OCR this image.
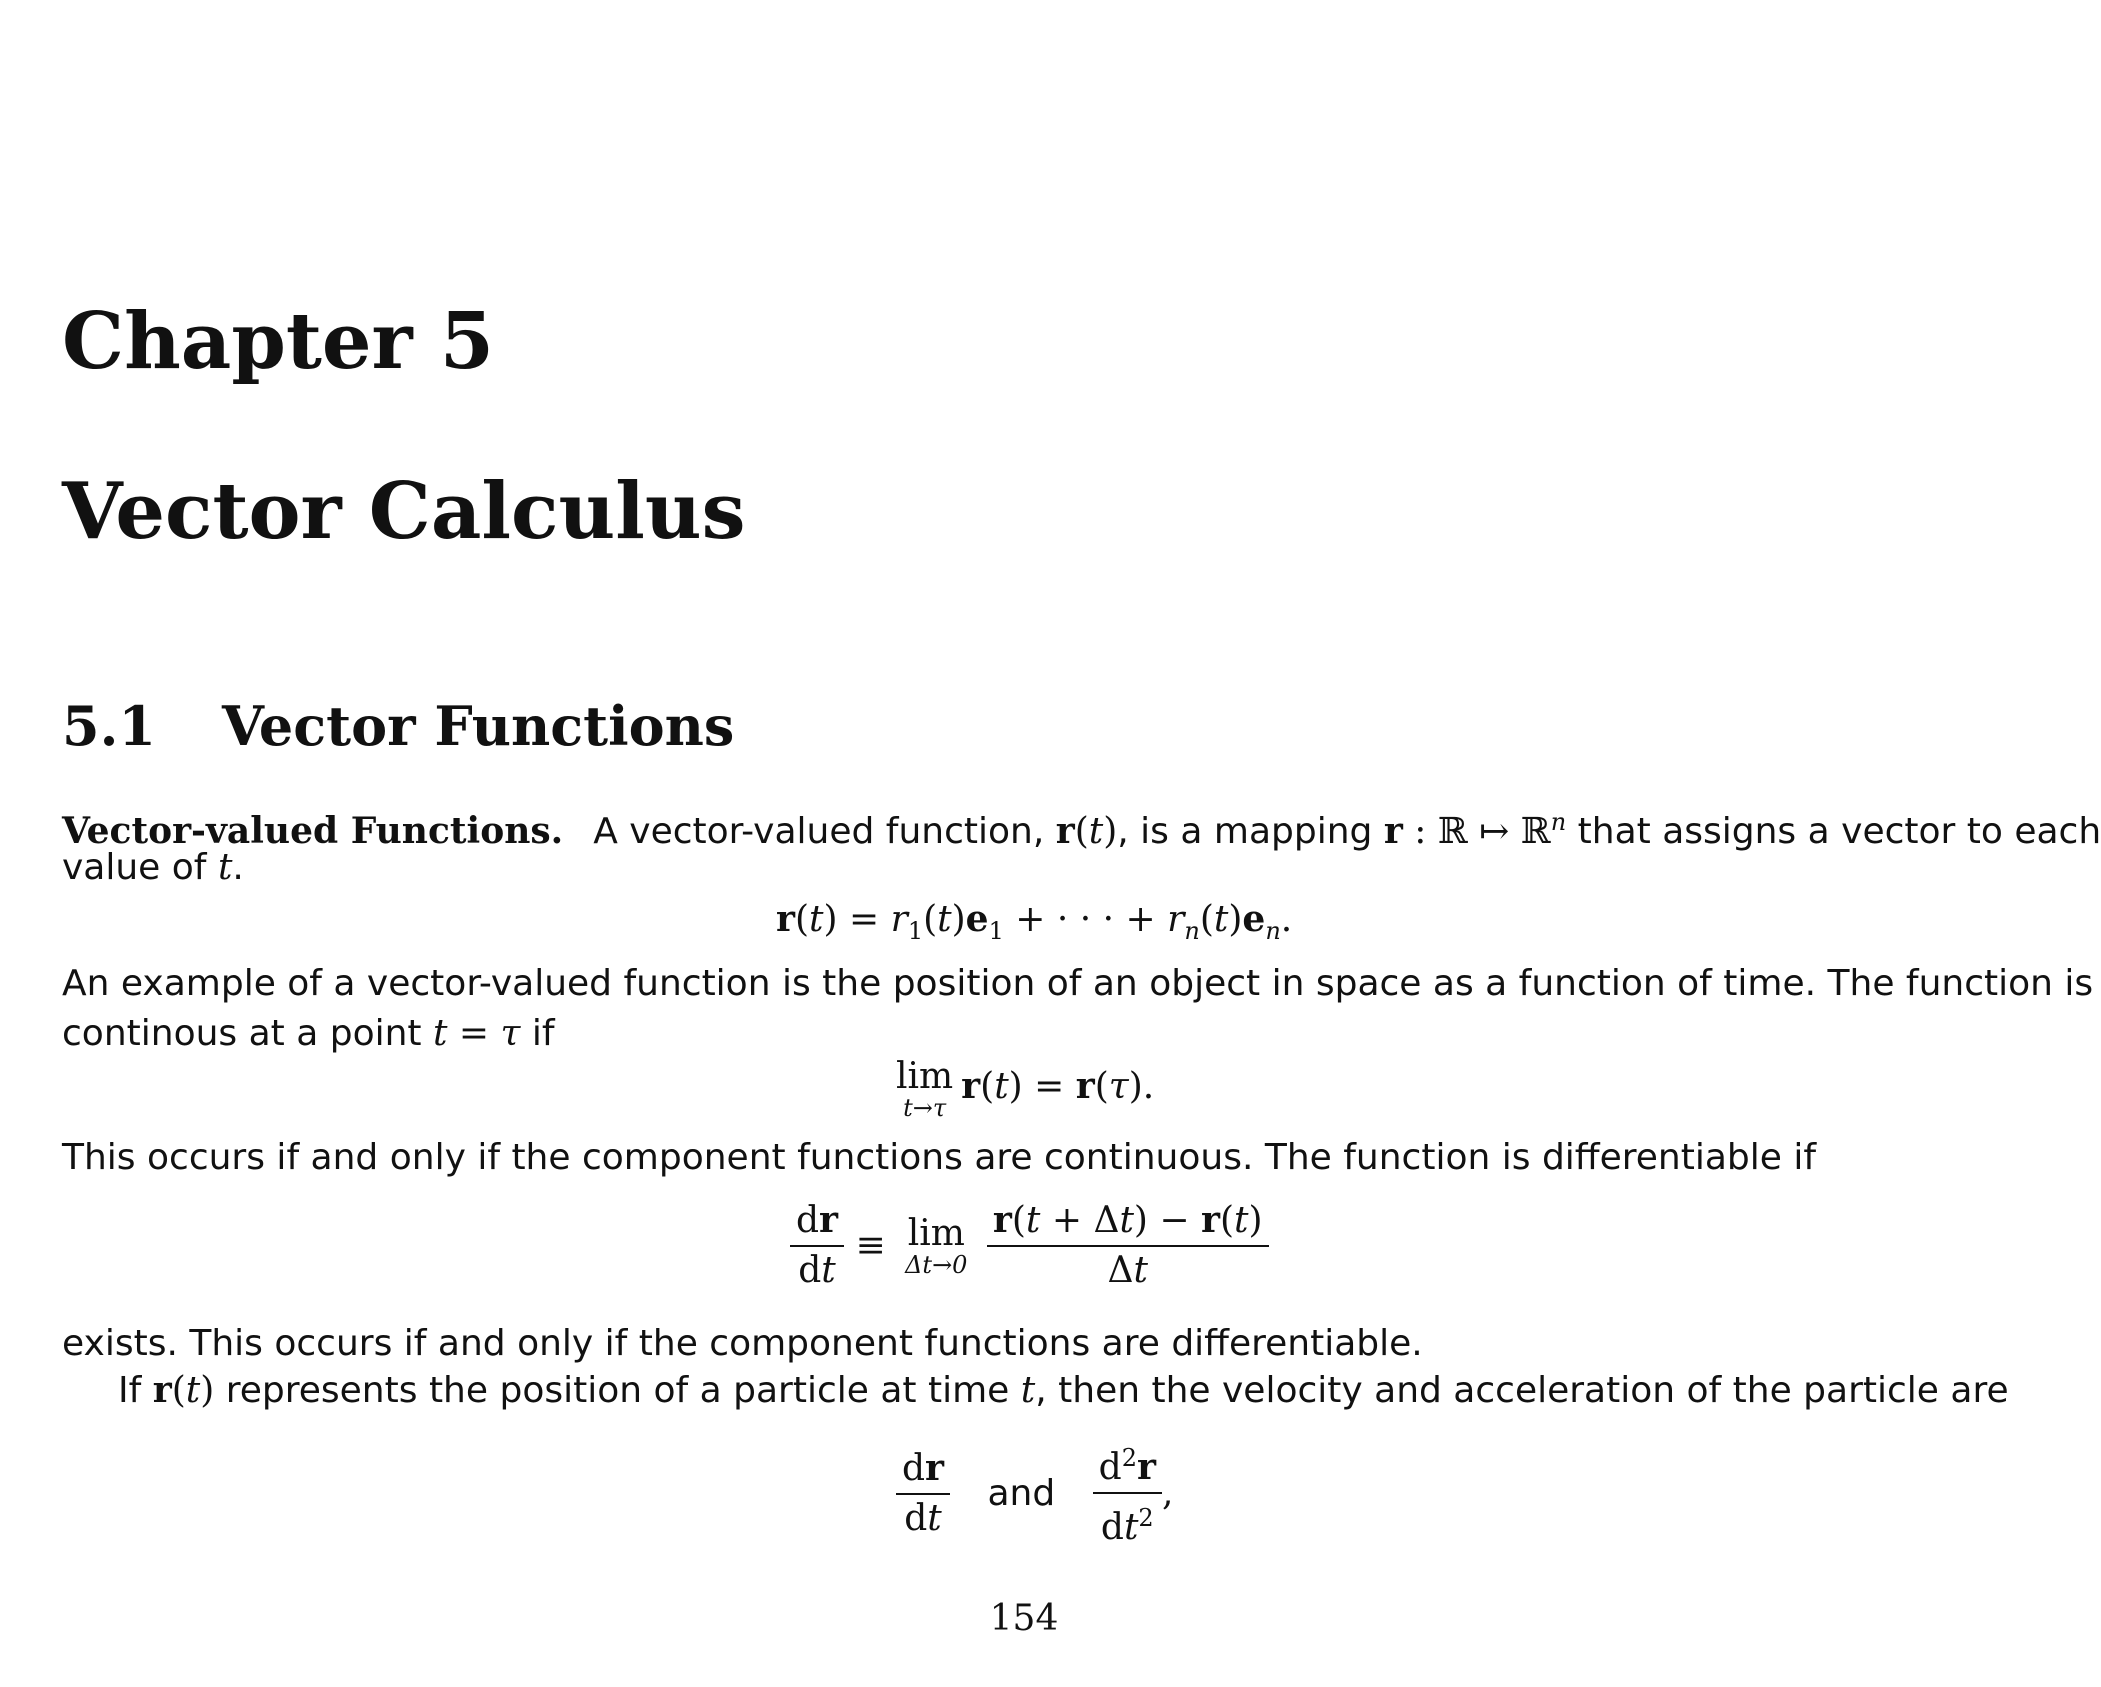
Chapter 5
Vector Calculus
5.1 Vector Functions
Vector-valued Functions. A vector-valued function, r(t), is a mapping r : ℝ ↦ ℝ$^n$ that assigns a vector to each
value of t.
$r(t) = r_1(t)e_1$ + · · · + $r_n(t)e_n$.
An example of a vector-valued function is the position of an object in space as a function of time. The function is
continous at a point t = τ if
lim
t→τ
r(t) = r(τ).
This occurs if and only if the component functions are continuous. The function is differentiable if
$\frac{dr}{dt} \equiv \lim$
Δt→0
$\frac{r(t + \Delta t) - r(t)}{\Delta t}$
exists. This occurs if and only if the component functions are differentiable.
If r(t) represents the position of a particle at time t, then the velocity and acceleration of the particle are
$\frac{dr}{dt}$ and $\frac{d^2r}{dt^2}$ ,
154
